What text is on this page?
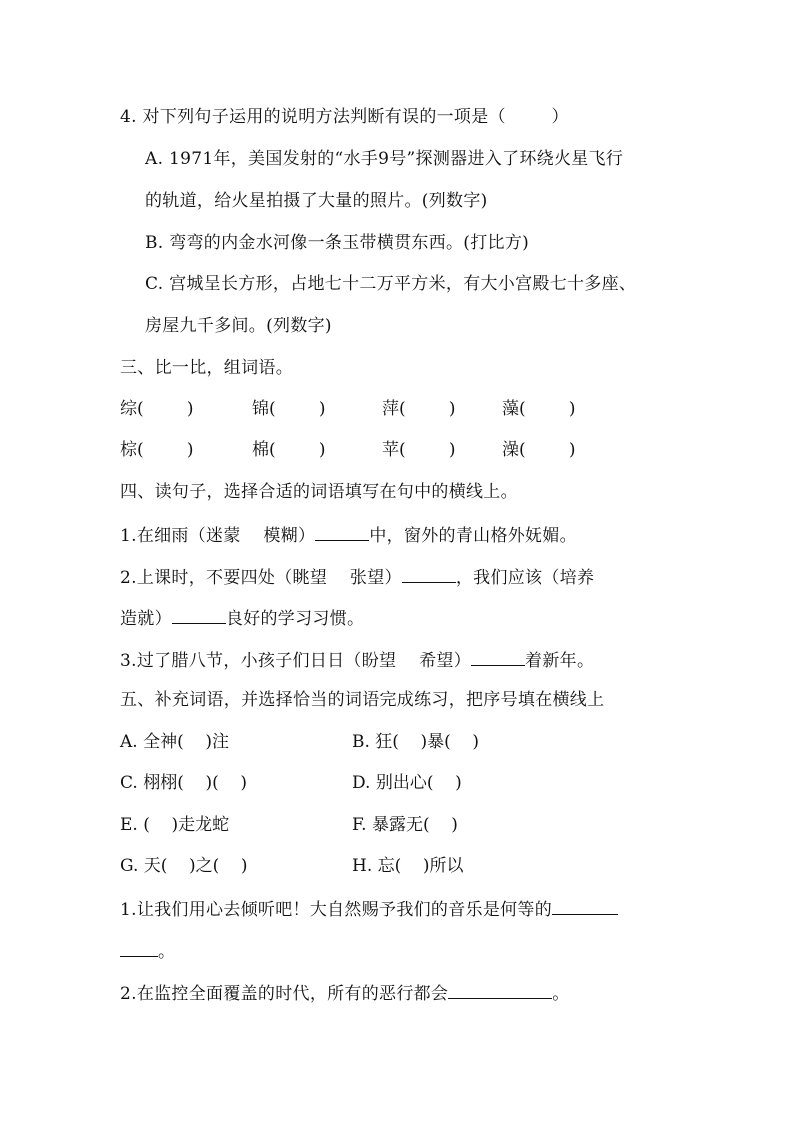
4. 对下列句子运用的说明方法判断有误的一项是（        ）
A. 1971年，美国发射的“水手9号”探测器进入了环绕火星飞行
的轨道，给火星拍摄了大量的照片。(列数字)
B. 弯弯的内金水河像一条玉带横贯东西。(打比方)
C. 宫城呈长方形，占地七十二万平方米，有大小宫殿七十多座、
房屋九千多间。(列数字)
三、比一比，组词语。
综(        )	锦(        )	萍(        )	藻(        )
棕(        )	棉(        )	苹(        )	澡(        )
四、读句子，选择合适的词语填写在句中的横线上。
1.在细雨（迷蒙    模糊）	中，窗外的青山格外妩媚。
2.上课时，不要四处（眺望    张望）	，我们应该（培养
造就）	良好的学习习惯。
3.过了腊八节，小孩子们日日（盼望    希望）	着新年。
五、补充词语，并选择恰当的词语完成练习，把序号填在横线上
A. 全神(    )注	B. 狂(    )暴(    )
C. 栩栩(    )(    )	D. 别出心(    )
E. (    )走龙蛇	F. 暴露无(    )
G. 天(    )之(    )	H. 忘(    )所以
1.让我们用心去倾听吧！大自然赐予我们的音乐是何等的
。
2.在监控全面覆盖的时代，所有的恶行都会	。
